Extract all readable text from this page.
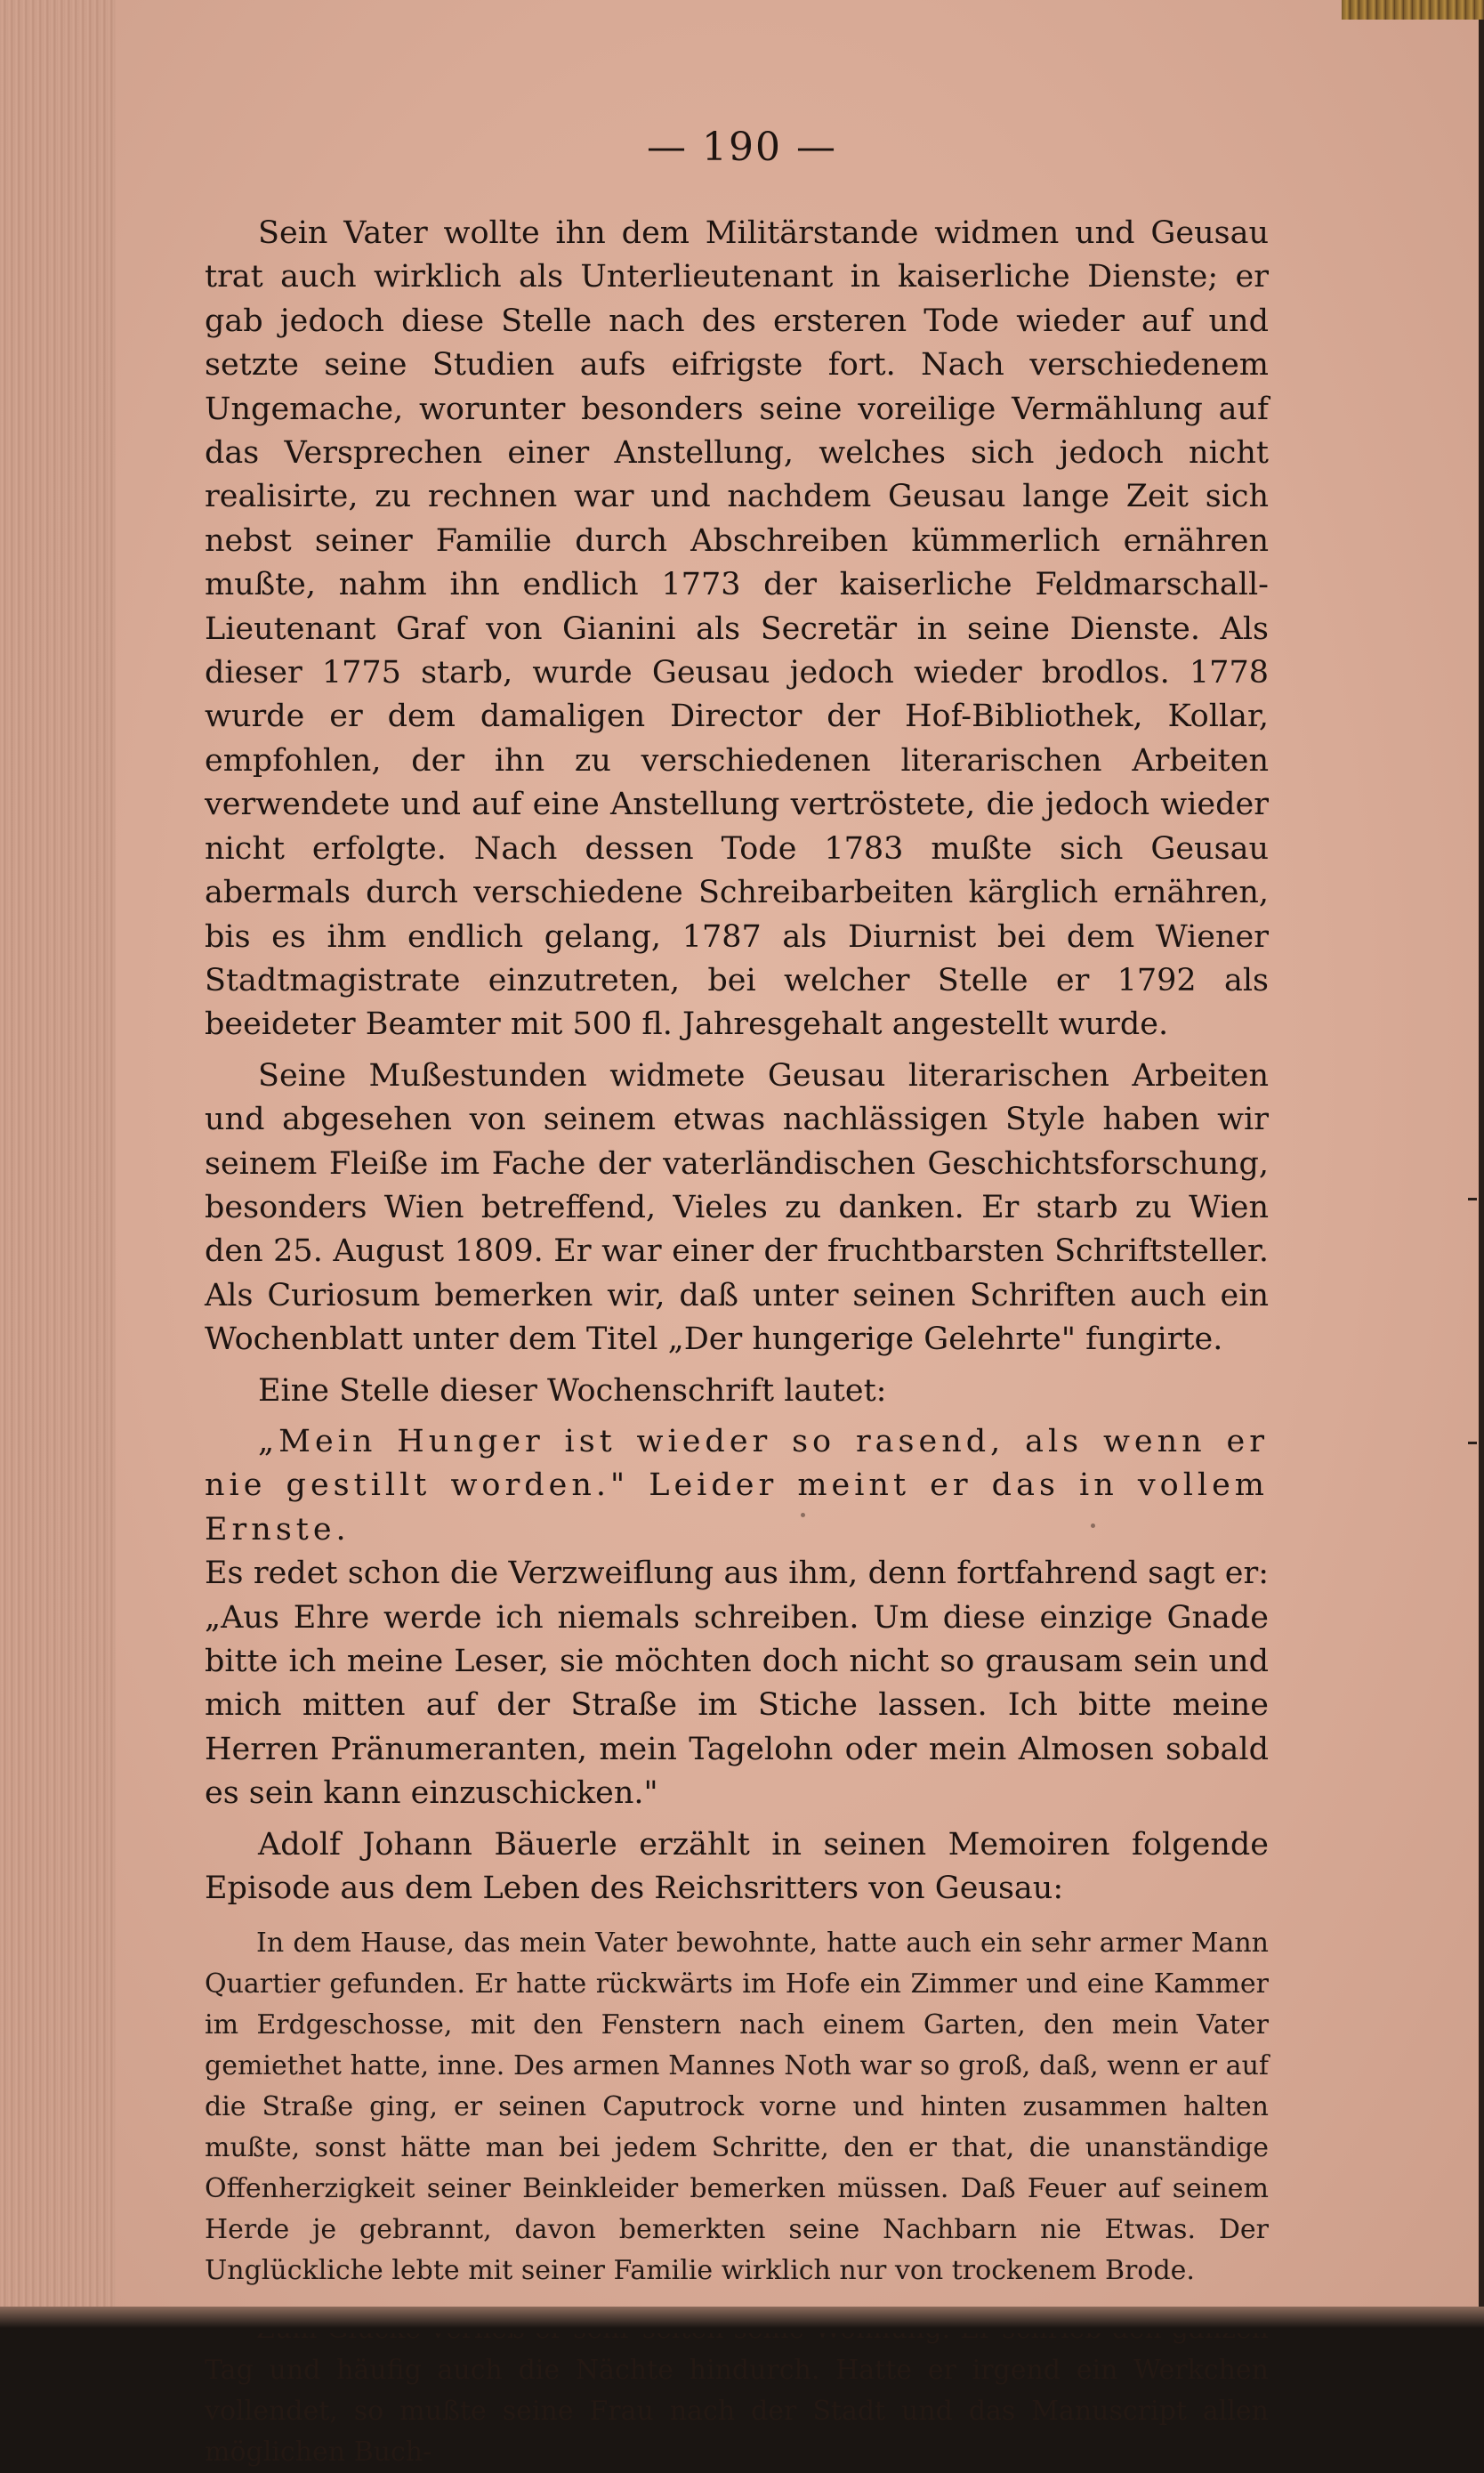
— 190 —

Sein Vater wollte ihn dem Militärstande widmen und Geusau trat auch wirklich als Unterlieutenant in kaiserliche Dienste; er gab jedoch diese Stelle nach des ersteren Tode wieder auf und setzte seine Studien aufs eifrigste fort. Nach verschiedenem Ungemache, worunter besonders seine voreilige Vermählung auf das Versprechen einer Anstellung, welches sich jedoch nicht realisirte, zu rechnen war und nachdem Geusau lange Zeit sich nebst seiner Familie durch Abschreiben kümmerlich ernähren mußte, nahm ihn endlich 1773 der kaiserliche Feldmarschall-Lieutenant Graf von Gianini als Secretär in seine Dienste. Als dieser 1775 starb, wurde Geusau jedoch wieder brodlos. 1778 wurde er dem damaligen Director der Hof-Bibliothek, Kollar, empfohlen, der ihn zu verschiedenen literarischen Arbeiten verwendete und auf eine Anstellung vertröstete, die jedoch wieder nicht erfolgte. Nach dessen Tode 1783 mußte sich Geusau abermals durch verschiedene Schreibarbeiten kärglich ernähren, bis es ihm endlich gelang, 1787 als Diurnist bei dem Wiener Stadtmagistrate einzutreten, bei welcher Stelle er 1792 als beeideter Beamter mit 500 fl. Jahresgehalt angestellt wurde.

Seine Mußestunden widmete Geusau literarischen Arbeiten und abgesehen von seinem etwas nachlässigen Style haben wir seinem Fleiße im Fache der vaterländischen Geschichtsforschung, besonders Wien betreffend, Vieles zu danken. Er starb zu Wien den 25. August 1809. Er war einer der fruchtbarsten Schriftsteller. Als Curiosum bemerken wir, daß unter seinen Schriften auch ein Wochenblatt unter dem Titel „Der hungerige Gelehrte" fungirte.

Eine Stelle dieser Wochenschrift lautet:

„Mein Hunger ist wieder so rasend, als wenn er nie gestillt worden." Leider meint er das in vollem Ernste.

Es redet schon die Verzweiflung aus ihm, denn fortfahrend sagt er: „Aus Ehre werde ich niemals schreiben. Um diese einzige Gnade bitte ich meine Leser, sie möchten doch nicht so grausam sein und mich mitten auf der Straße im Stiche lassen. Ich bitte meine Herren Pränumeranten, mein Tagelohn oder mein Almosen sobald es sein kann einzuschicken."

Adolf Johann Bäuerle erzählt in seinen Memoiren folgende Episode aus dem Leben des Reichsritters von Geusau:

In dem Hause, das mein Vater bewohnte, hatte auch ein sehr armer Mann Quartier gefunden. Er hatte rückwärts im Hofe ein Zimmer und eine Kammer im Erdgeschosse, mit den Fenstern nach einem Garten, den mein Vater gemiethet hatte, inne. Des armen Mannes Noth war so groß, daß, wenn er auf die Straße ging, er seinen Caputrock vorne und hinten zusammen halten mußte, sonst hätte man bei jedem Schritte, den er that, die unanständige Offenherzigkeit seiner Beinkleider bemerken müssen. Daß Feuer auf seinem Herde je gebrannt, davon bemerkten seine Nachbarn nie Etwas. Der Unglückliche lebte mit seiner Familie wirklich nur von trockenem Brode.

Tag und häufig auch die Nächte hindurch. Hatte er irgend ein Werkchen vollendet, so mußte seine Frau nach der Stadt und das Manuscript allen möglichen Buch-
